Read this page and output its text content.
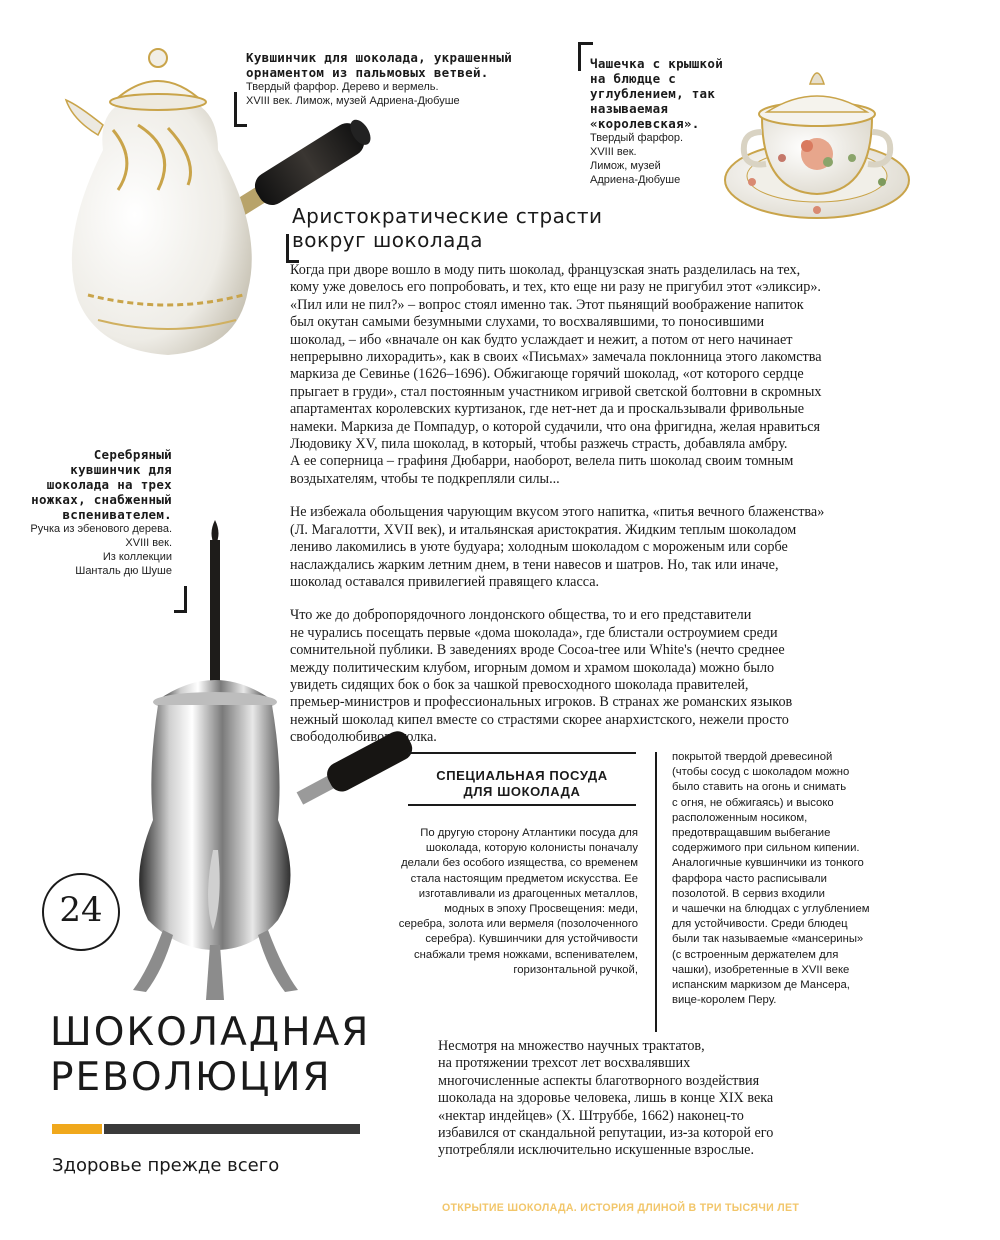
Кувшинчик для шоколада, украшенный орнаментом из пальмовых ветвей.
Твердый фарфор. Дерево и вермель.
XVIII век. Лимож, музей Адриена-Дюбуше
Чашечка с крышкой на блюдце с углублением, так называемая «королевская».
Твердый фарфор.
XVIII век.
Лимож, музей
Адриена-Дюбуше
Аристократические страсти
вокруг шоколада

Когда при дворе вошло в моду пить шоколад, французская знать разделилась на тех,
кому уже довелось его попробовать, и тех, кто еще ни разу не пригубил этот «эликсир».
«Пил или не пил?» – вопрос стоял именно так. Этот пьянящий воображение напиток
был окутан самыми безумными слухами, то восхвалявшими, то поносившими
шоколад, – ибо «вначале он как будто услаждает и нежит, а потом от него начинает
непрерывно лихорадить», как в своих «Письмах» замечала поклонница этого лакомства
маркиза де Севинье (1626–1696). Обжигающе горячий шоколад, «от которого сердце
прыгает в груди», стал постоянным участником игривой светской болтовни в скромных
апартаментах королевских куртизанок, где нет-нет да и проскальзывали фривольные
намеки. Маркиза де Помпадур, о которой судачили, что она фригидна, желая нравиться
Людовику XV, пила шоколад, в который, чтобы разжечь страсть, добавляла амбру.
А ее соперница – графиня Дюбарри, наоборот, велела пить шоколад своим томным
воздыхателям, чтобы те подкрепляли силы...

Не избежала обольщения чарующим вкусом этого напитка, «питья вечного блаженства»
(Л. Магалотти, XVII век), и итальянская аристократия. Жидким теплым шоколадом
лениво лакомились в уюте будуара; холодным шоколадом с мороженым или сорбе
наслаждались жарким летним днем, в тени навесов и шатров. Но, так или иначе,
шоколад оставался привилегией правящего класса.

Что же до добропорядочного лондонского общества, то и его представители
не чурались посещать первые «дома шоколада», где блистали остроумием среди
сомнительной публики. В заведениях вроде Cocoa-tree или White's (нечто среднее
между политическим клубом, игорным домом и храмом шоколада) можно было
увидеть сидящих бок о бок за чашкой превосходного шоколада правителей,
премьер-министров и профессиональных игроков. В странах же романских языков
нежный шоколад кипел вместе со страстями скорее анархистского, нежели просто
свободолюбивого толка.

Серебряный кувшинчик для шоколада на трех ножках, снабженный вспенивателем.
Ручка из эбенового дерева. XVIII век.
Из коллекции
Шанталь дю Шуше
24
СПЕЦИАЛЬНАЯ ПОСУДА
ДЛЯ ШОКОЛАДА
По другую сторону Атлантики посуда для
шоколада, которую колонисты поначалу
делали без особого изящества, со временем
стала настоящим предметом искусства. Ее
изготавливали из драгоценных металлов,
модных в эпоху Просвещения: меди,
серебра, золота или вермеля (позолоченного
серебра). Кувшинчики для устойчивости
снабжали тремя ножками, вспенивателем,
горизонтальной ручкой,
покрытой твердой древесиной
(чтобы сосуд с шоколадом можно
было ставить на огонь и снимать
с огня, не обжигаясь) и высоко
расположенным носиком,
предотвращавшим выбегание
содержимого при сильном кипении.
Аналогичные кувшинчики из тонкого
фарфора часто расписывали
позолотой. В сервиз входили
и чашечки на блюдцах с углублением
для устойчивости. Среди блюдец
были так называемые «мансерины»
(с встроенным держателем для
чашки), изобретенные в XVII веке
испанским маркизом де Мансера,
вице-королем Перу.
ШОКОЛАДНАЯ
РЕВОЛЮЦИЯ
Здоровье прежде всего
Несмотря на множество научных трактатов,
на протяжении трехсот лет восхвалявших
многочисленные аспекты благотворного воздействия
шоколада на здоровье человека, лишь в конце XIX века
«нектар индейцев» (Х. Штруббе, 1662) наконец-то
избавился от скандальной репутации, из-за которой его
употребляли исключительно искушенные взрослые.
ОТКРЫТИЕ ШОКОЛАДА. ИСТОРИЯ ДЛИНОЙ В ТРИ ТЫСЯЧИ ЛЕТ
